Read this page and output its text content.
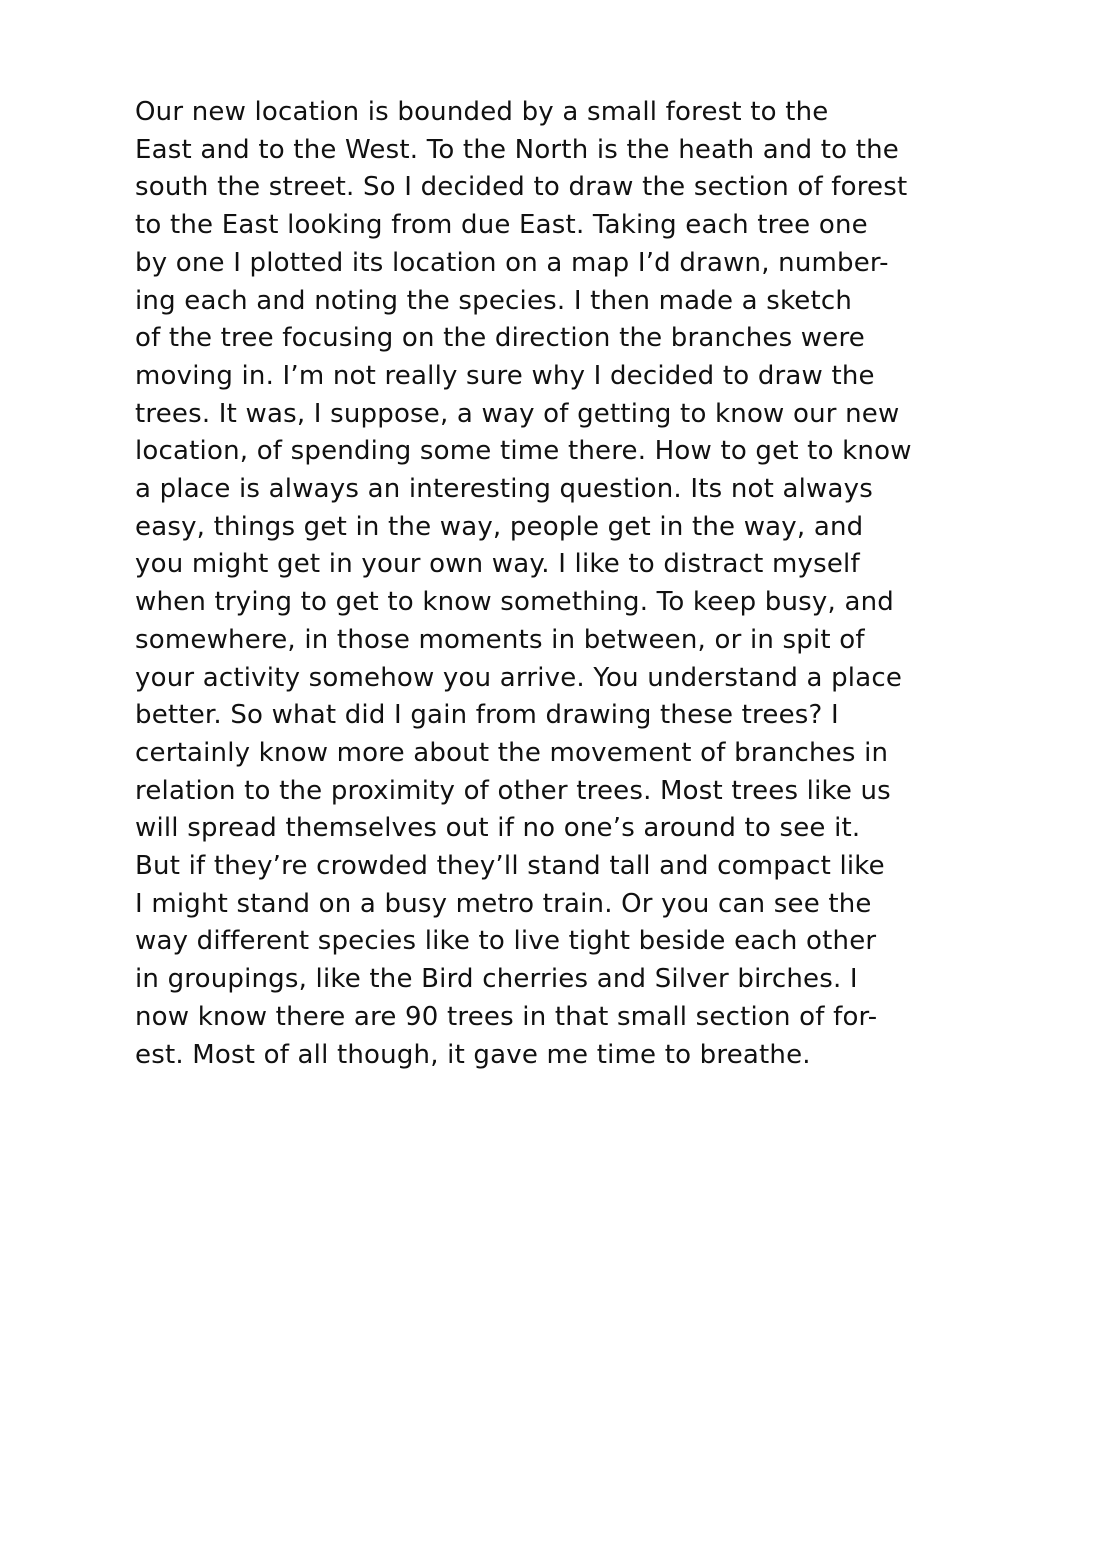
Our new location is bounded by a small forest to the
East and to the West. To the North is the heath and to the
south the street. So I decided to draw the section of forest
to the East looking from due East. Taking each tree one
by one I plotted its location on a map I’d drawn, number-
ing each and noting the species. I then made a sketch
of the tree focusing on the direction the branches were
moving in. I’m not really sure why I decided to draw the
trees. It was, I suppose, a way of getting to know our new
location, of spending some time there. How to get to know
a place is always an interesting question. Its not always
easy, things get in the way, people get in the way, and
you might get in your own way. I like to distract myself
when trying to get to know something. To keep busy, and
somewhere, in those moments in between, or in spit of
your activity somehow you arrive. You understand a place
better. So what did I gain from drawing these trees? I
certainly know more about the movement of branches in
relation to the proximity of other trees. Most trees like us
will spread themselves out if no one’s around to see it.
But if they’re crowded they’ll stand tall and compact like
I might stand on a busy metro train. Or you can see the
way different species like to live tight beside each other
in groupings, like the Bird cherries and Silver birches. I
now know there are 90 trees in that small section of for-
est. Most of all though, it gave me time to breathe.
